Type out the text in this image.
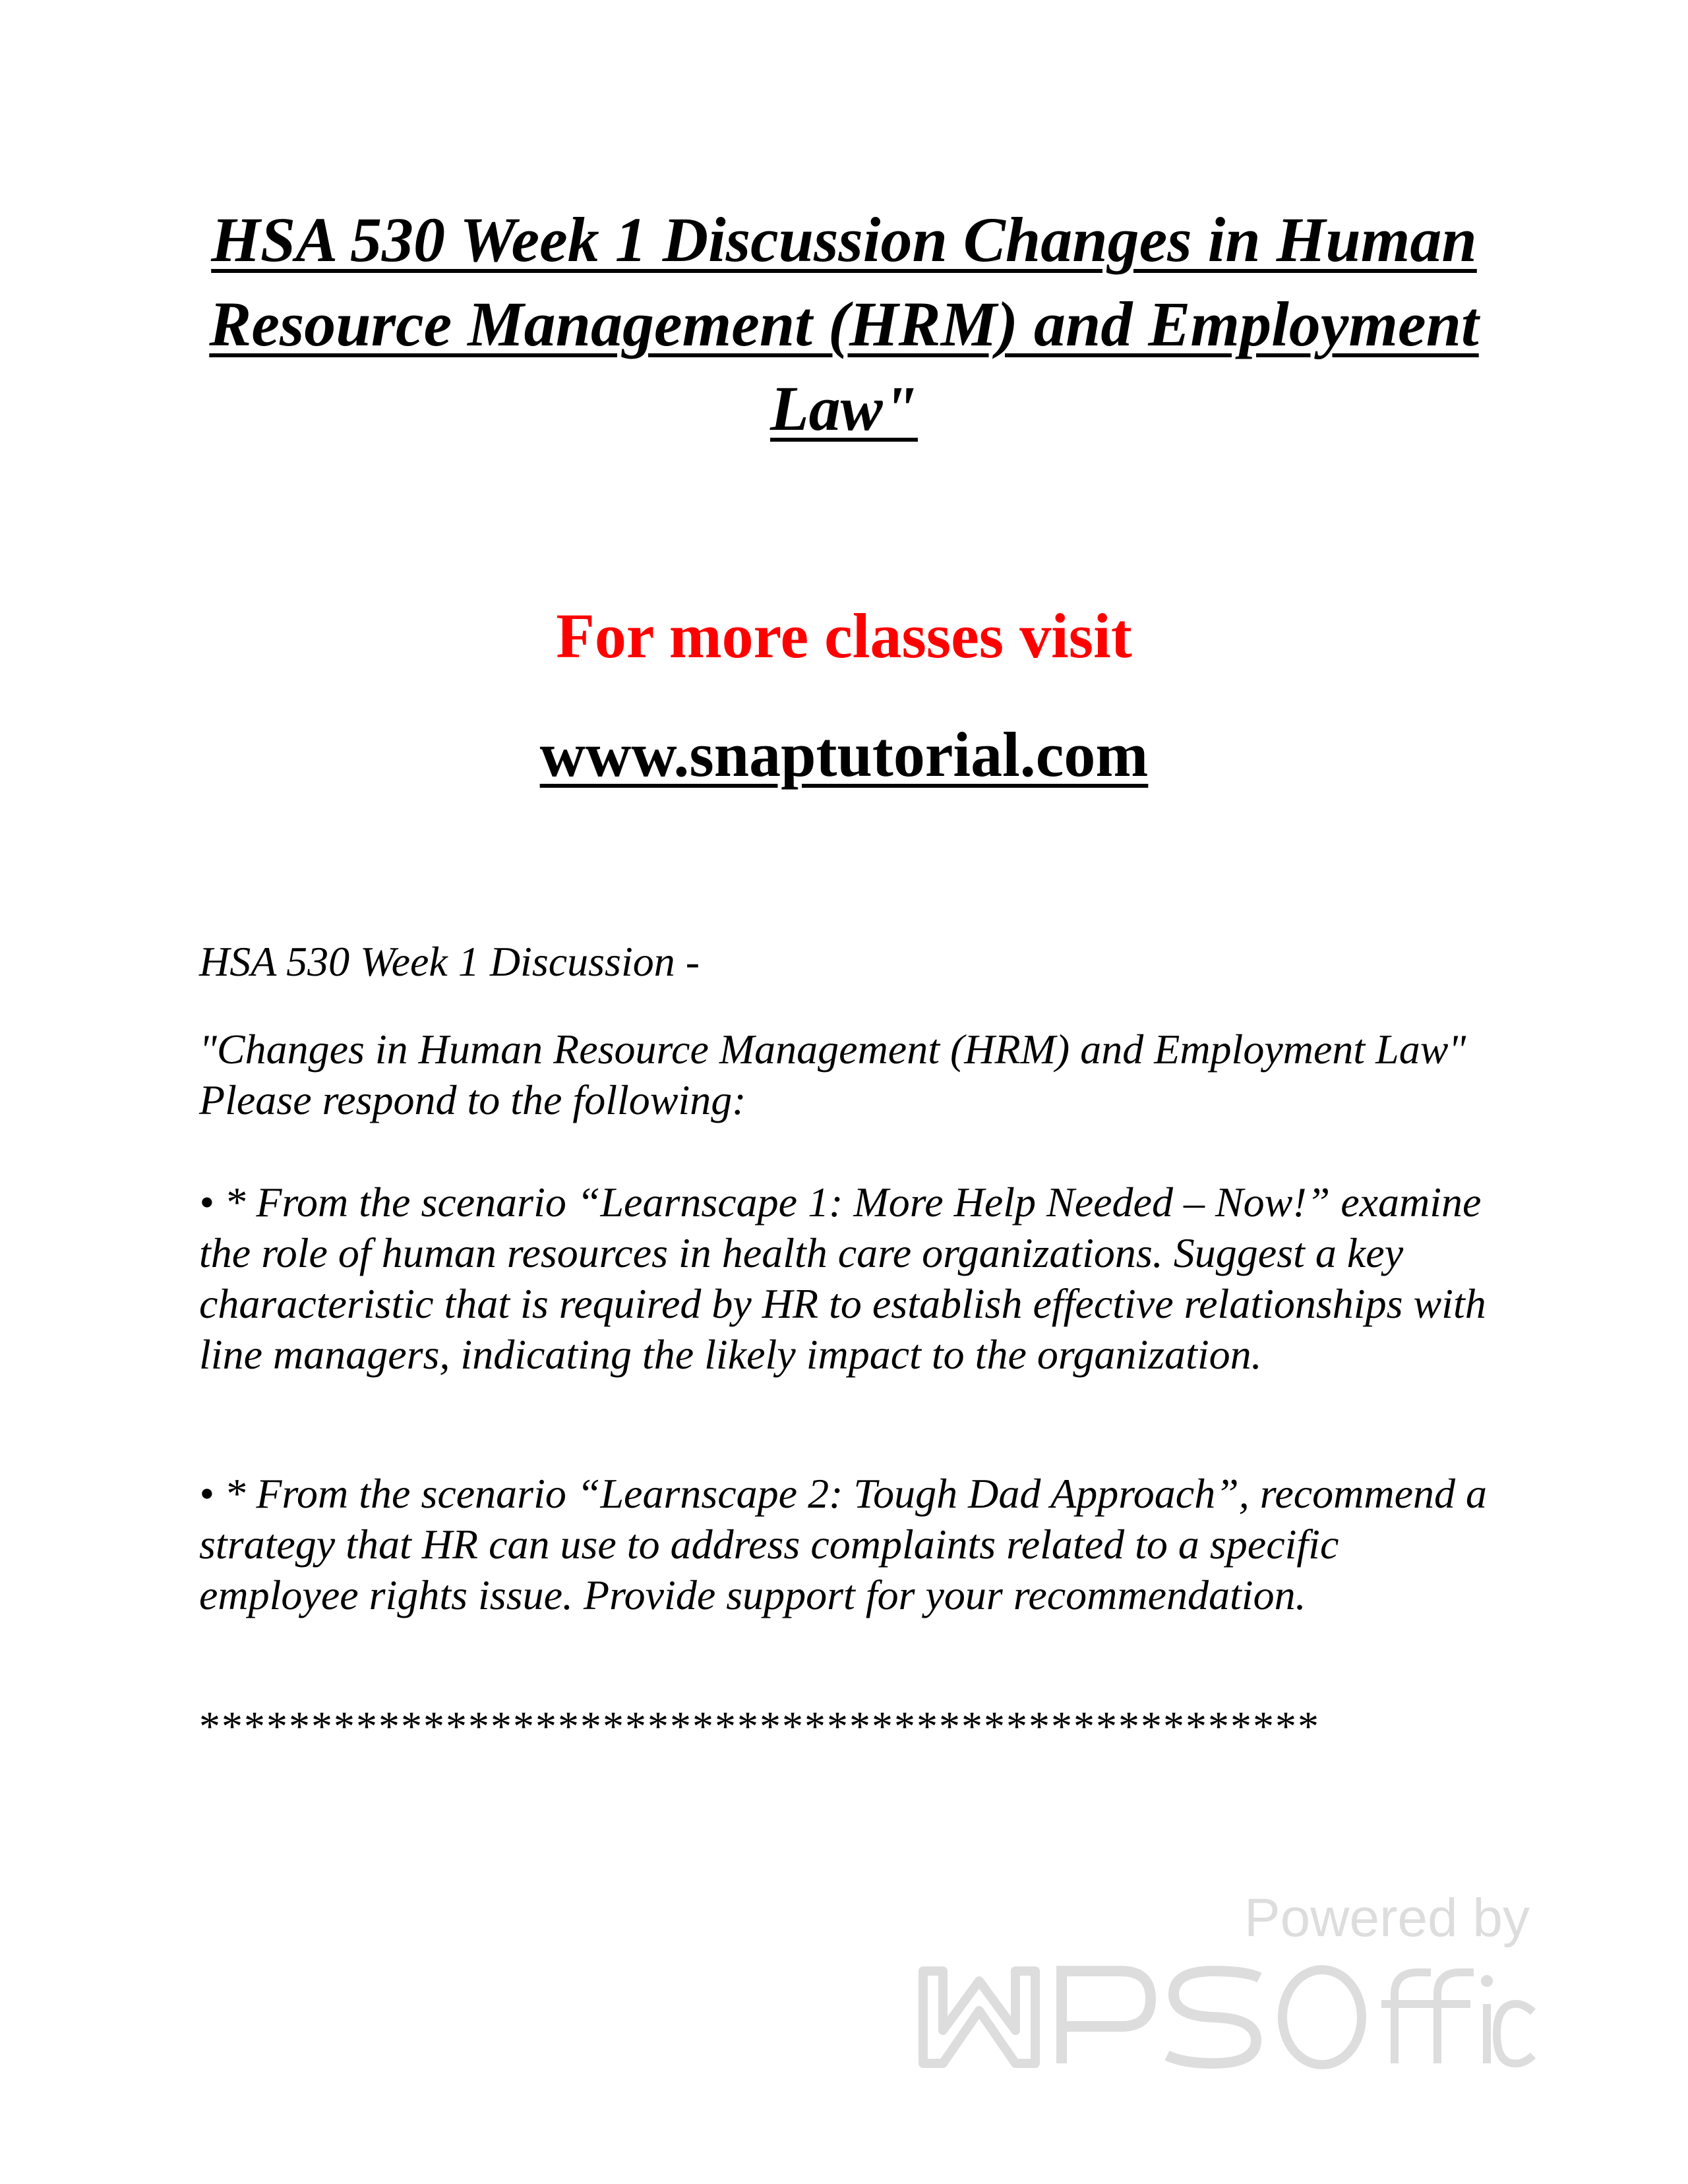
HSA 530 Week 1 Discussion Changes in Human Resource Management (HRM) and Employment Law"

For more classes visit

www.snaptutorial.com

HSA 530 Week 1 Discussion -

"Changes in Human Resource Management (HRM) and Employment Law" Please respond to the following:

• * From the scenario “Learnscape 1: More Help Needed – Now!” examine the role of human resources in health care organizations. Suggest a key characteristic that is required by HR to establish effective relationships with line managers, indicating the likely impact to the organization.

• * From the scenario “Learnscape 2: Tough Dad Approach”, recommend a strategy that HR can use to address complaints related to a specific employee rights issue. Provide support for your recommendation.

**************************************************

Powered by
